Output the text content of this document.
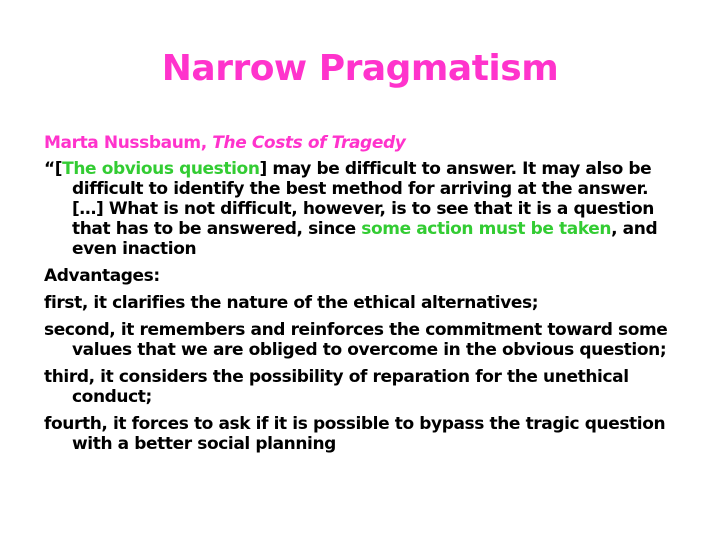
Narrow Pragmatism

Marta Nussbaum, The Costs of Tragedy

“[The obvious question] may be difficult to answer. It may also be difficult to identify the best method for arriving at the answer. […] What is not difficult, however, is to see that it is a question that has to be answered, since some action must be taken, and even inaction

Advantages:

first, it clarifies the nature of the ethical alternatives;

second, it remembers and reinforces the commitment toward some values that we are obliged to overcome in the obvious question;

third, it considers the possibility of reparation for the unethical conduct;

fourth, it forces to ask if it is possible to bypass the tragic question with a better social planning
